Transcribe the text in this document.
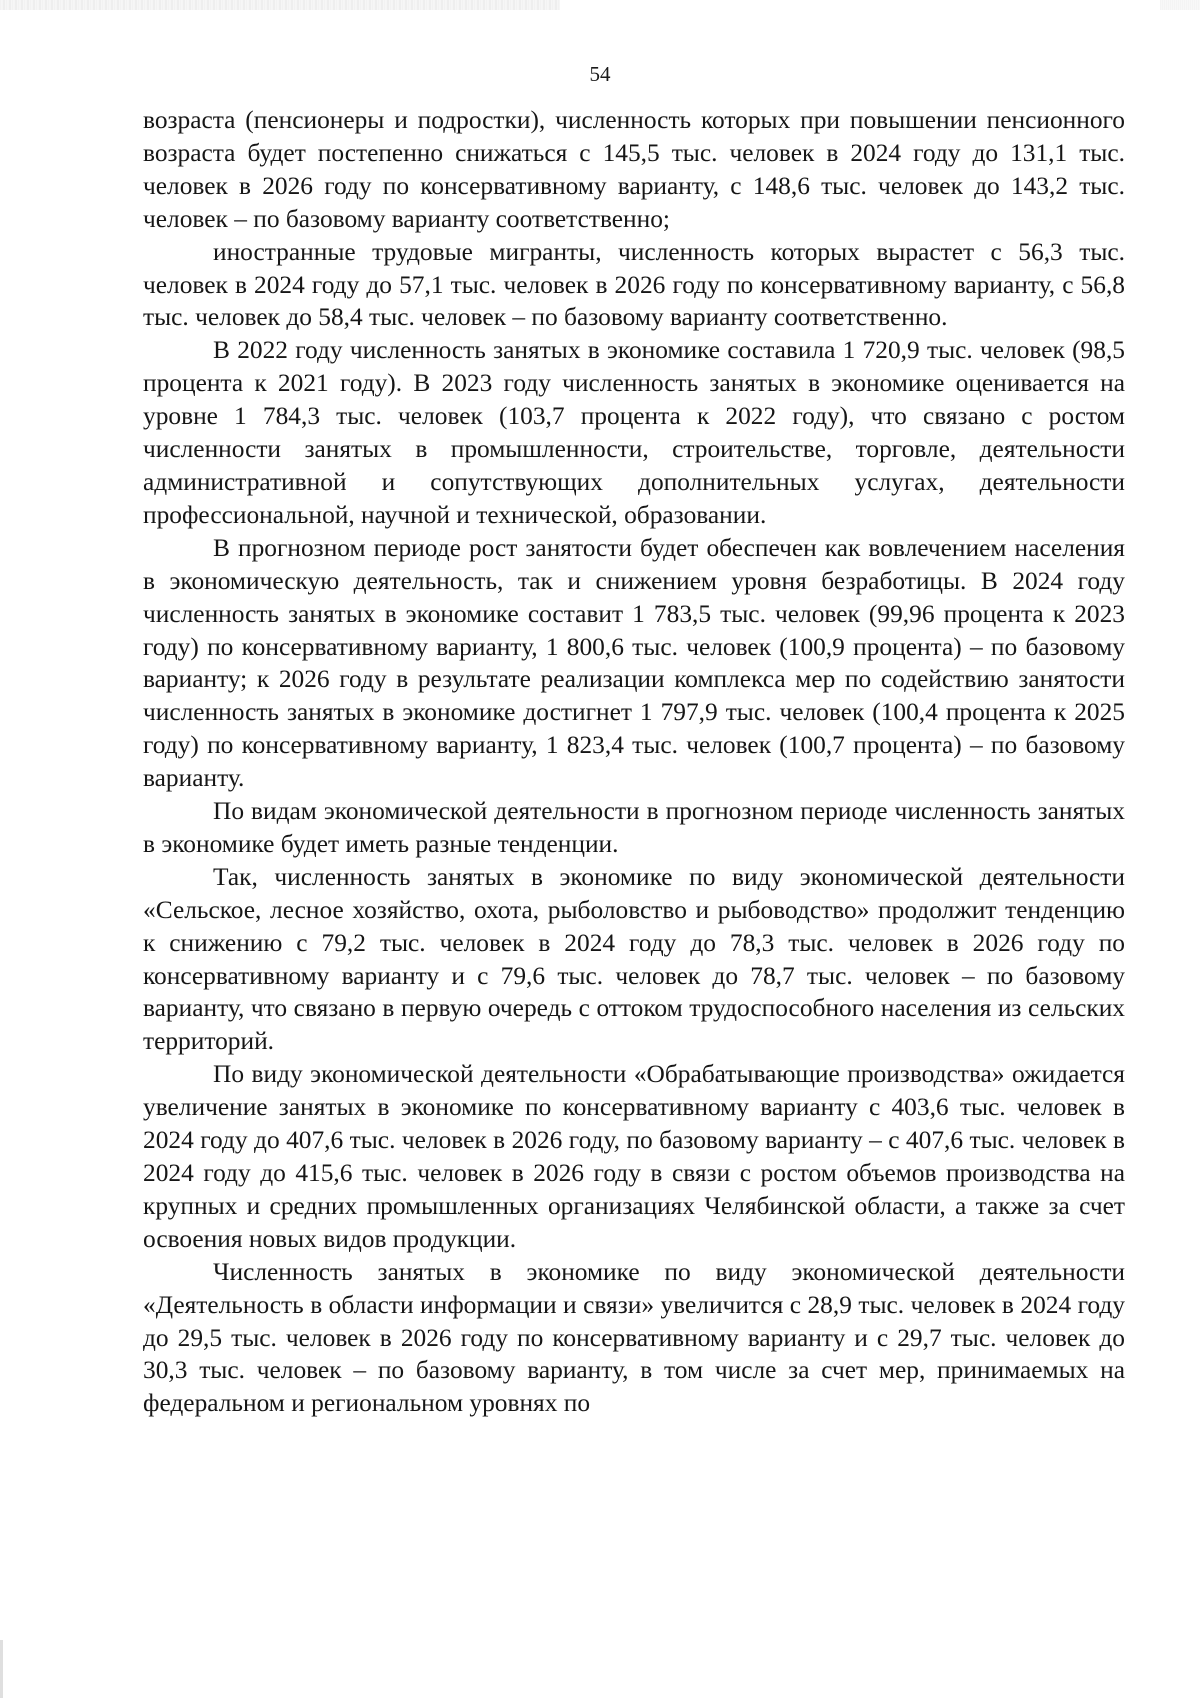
54

возраста (пенсионеры и подростки), численность которых при повышении пенсионного возраста будет постепенно снижаться с 145,5 тыс. человек в 2024 году до 131,1 тыс. человек в 2026 году по консервативному варианту, с 148,6 тыс. человек до 143,2 тыс. человек – по базовому варианту соответственно;

иностранные трудовые мигранты, численность которых вырастет с 56,3 тыс. человек в 2024 году до 57,1 тыс. человек в 2026 году по консервативному варианту, с 56,8 тыс. человек до 58,4 тыс. человек – по базовому варианту соответственно.

В 2022 году численность занятых в экономике составила 1 720,9 тыс. человек (98,5 процента к 2021 году). В 2023 году численность занятых в экономике оценивается на уровне 1 784,3 тыс. человек (103,7 процента к 2022 году), что связано с ростом численности занятых в промышленности, строительстве, торговле, деятельности административной и сопутствующих дополнительных услугах, деятельности профессиональной, научной и технической, образовании.

В прогнозном периоде рост занятости будет обеспечен как вовлечением населения в экономическую деятельность, так и снижением уровня безработицы. В 2024 году численность занятых в экономике составит 1 783,5 тыс. человек (99,96 процента к 2023 году) по консервативному варианту, 1 800,6 тыс. человек (100,9 процента) – по базовому варианту; к 2026 году в результате реализации комплекса мер по содействию занятости численность занятых в экономике достигнет 1 797,9 тыс. человек (100,4 процента к 2025 году) по консервативному варианту, 1 823,4 тыс. человек (100,7 процента) – по базовому варианту.

По видам экономической деятельности в прогнозном периоде численность занятых в экономике будет иметь разные тенденции.

Так, численность занятых в экономике по виду экономической деятельности «Сельское, лесное хозяйство, охота, рыболовство и рыбоводство» продолжит тенденцию к снижению с 79,2 тыс. человек в 2024 году до 78,3 тыс. человек в 2026 году по консервативному варианту и с 79,6 тыс. человек до 78,7 тыс. человек – по базовому варианту, что связано в первую очередь с оттоком трудоспособного населения из сельских территорий.

По виду экономической деятельности «Обрабатывающие производства» ожидается увеличение занятых в экономике по консервативному варианту с 403,6 тыс. человек в 2024 году до 407,6 тыс. человек в 2026 году, по базовому варианту – с 407,6 тыс. человек в 2024 году до 415,6 тыс. человек в 2026 году в связи с ростом объемов производства на крупных и средних промышленных организациях Челябинской области, а также за счет освоения новых видов продукции.

Численность занятых в экономике по виду экономической деятельности «Деятельность в области информации и связи» увеличится с 28,9 тыс. человек в 2024 году до 29,5 тыс. человек в 2026 году по консервативному варианту и с 29,7 тыс. человек до 30,3 тыс. человек – по базовому варианту, в том числе за счет мер, принимаемых на федеральном и региональном уровнях по
